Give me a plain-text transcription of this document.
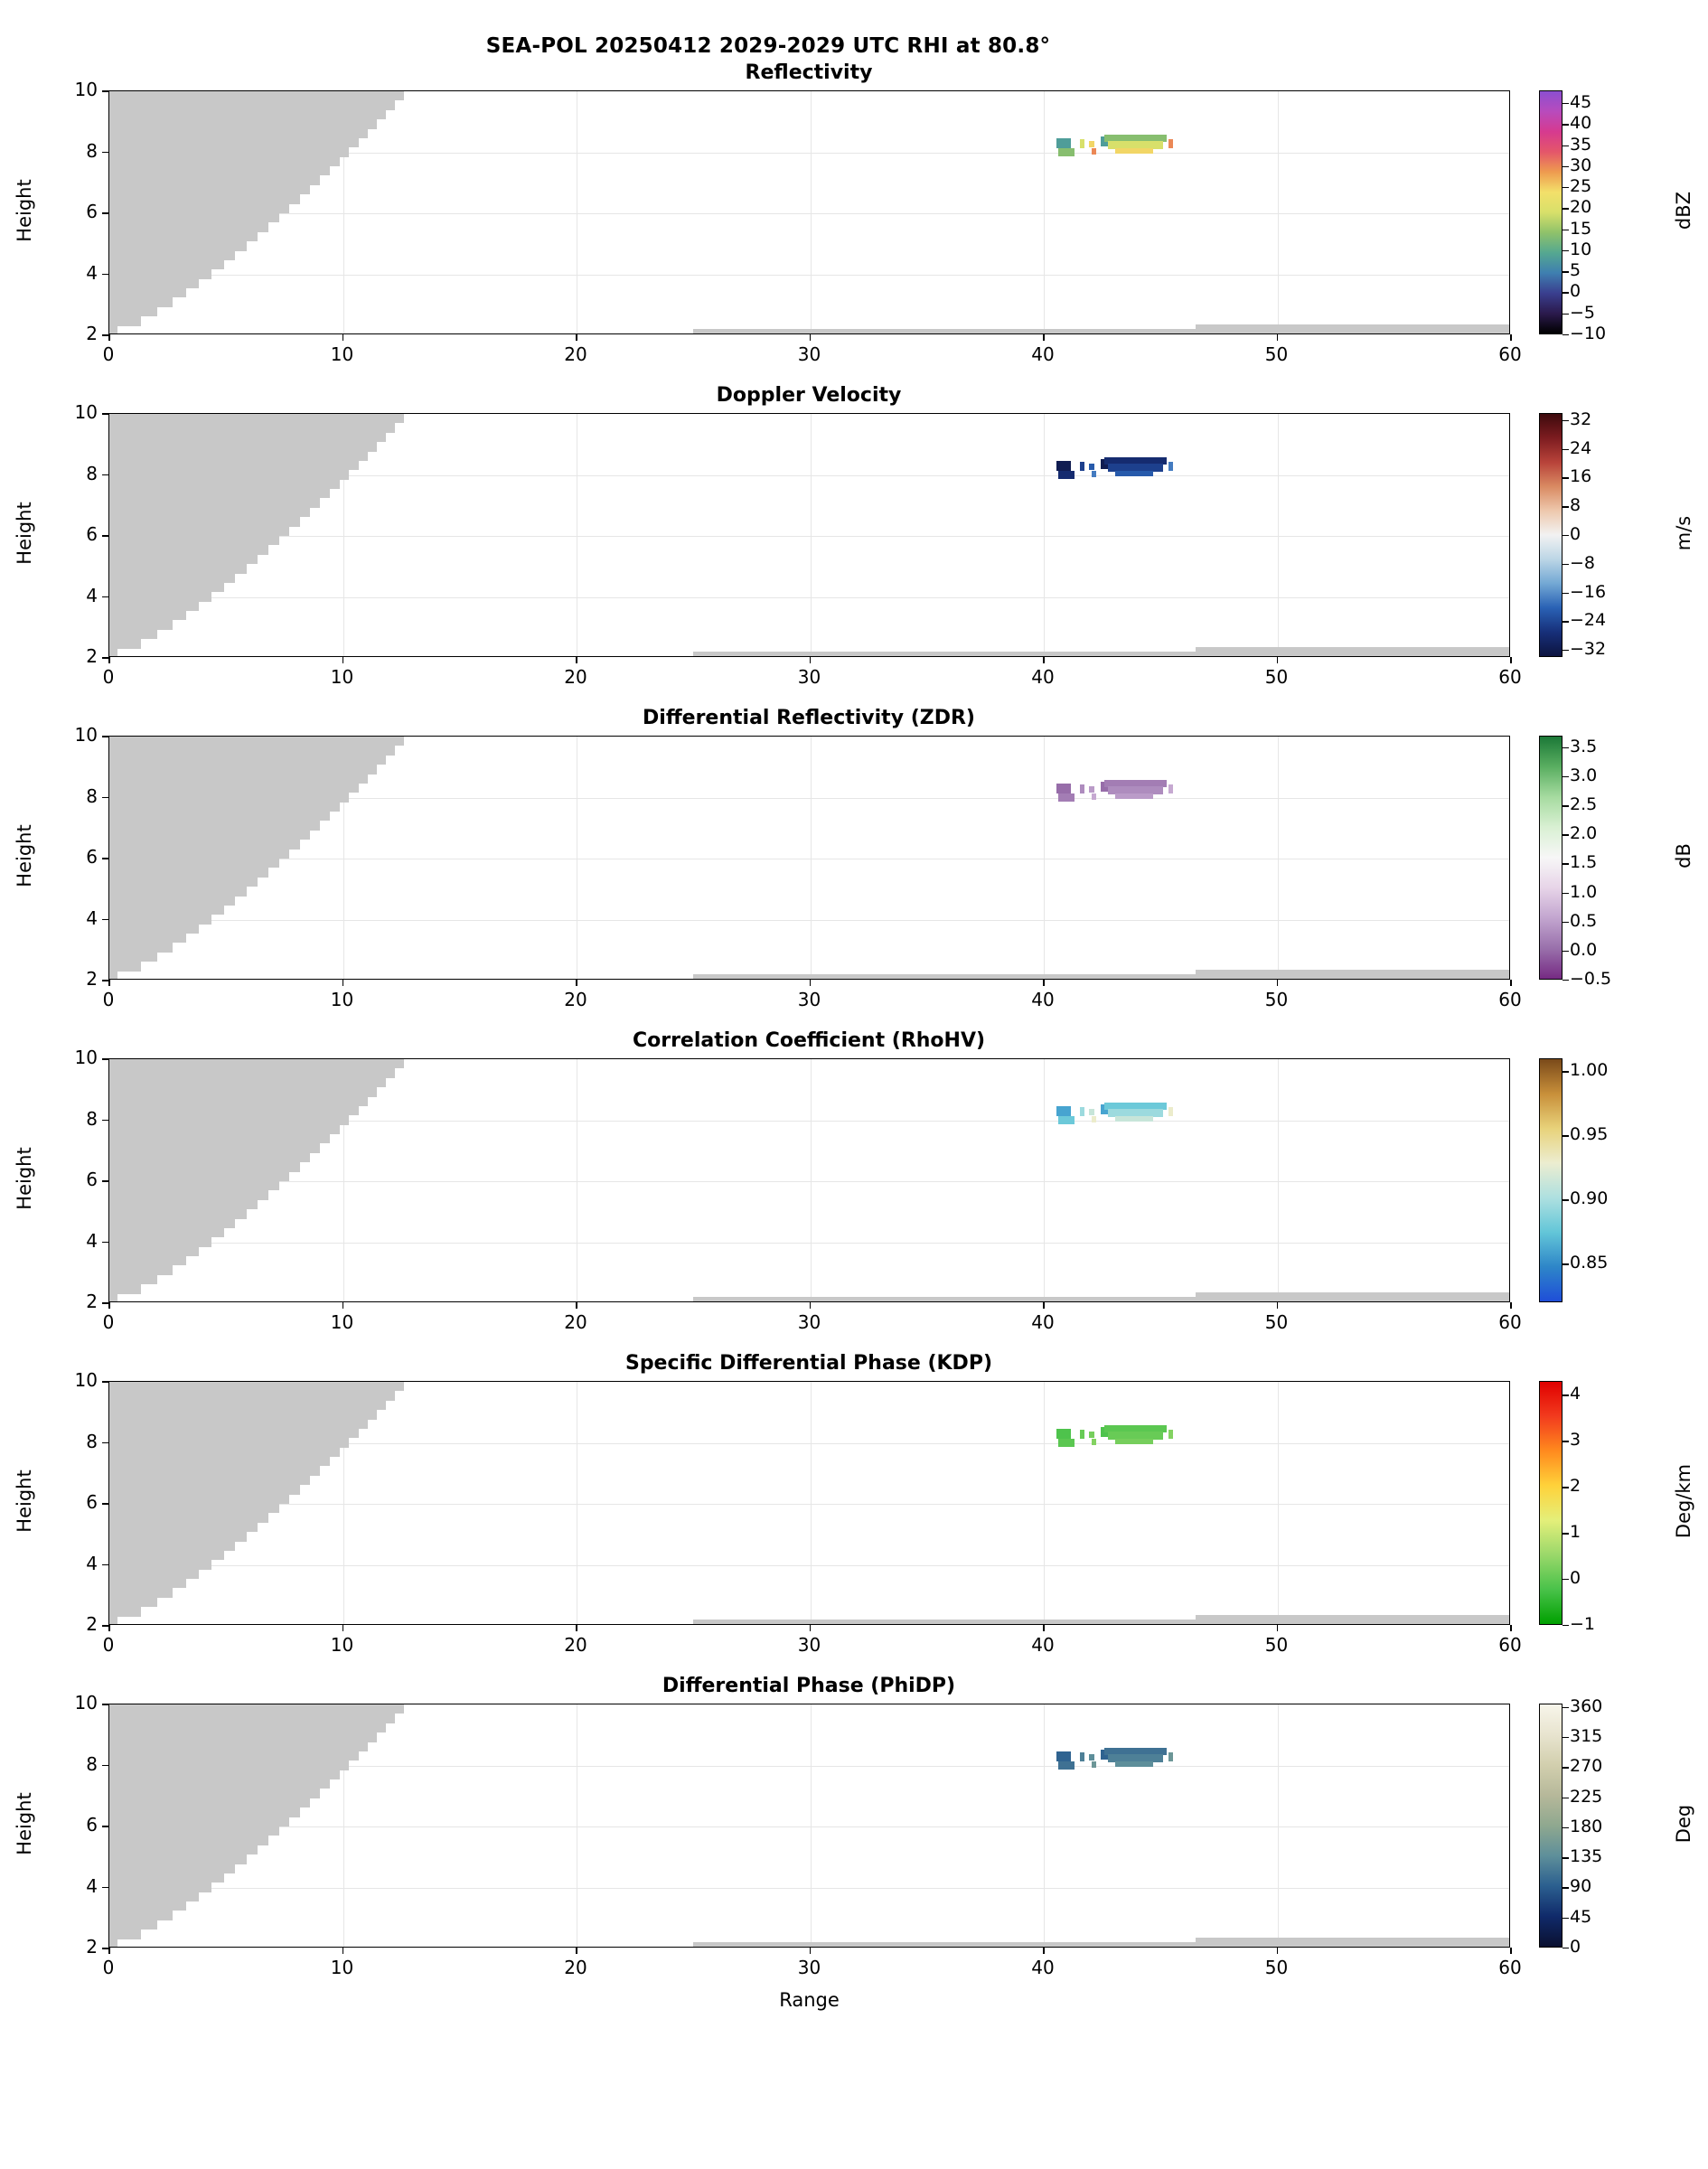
SEA-POL 20250412 2029-2029 UTC RHI at 80.8°
Reflectivity
2
4
6
8
10
0	10	20	30	40	50	60
Height
45
40
35
30
25
20
15
10
5
0
−5
−10
dBZ
Doppler Velocity
2
4
6
8
10
0	10	20	30	40	50	60
Height
32
24
16
8
0
−8
−16
−24
−32
m/s
Differential Reflectivity (ZDR)
2
4
6
8
10
0	10	20	30	40	50	60
Height
3.5
3.0
2.5
2.0
1.5
1.0
0.5
0.0
−0.5
dB
Correlation Coefficient (RhoHV)
2
4
6
8
10
0	10	20	30	40	50	60
Height
1.00
0.95
0.90
0.85
Specific Differential Phase (KDP)
2
4
6
8
10
0	10	20	30	40	50	60
Height
4
3
2
1
0
−1
Deg/km
Differential Phase (PhiDP)
2
4
6
8
10
0	10	20	30	40	50	60
Height
360
315
270
225
180
135
90
45
0
Deg
Range
